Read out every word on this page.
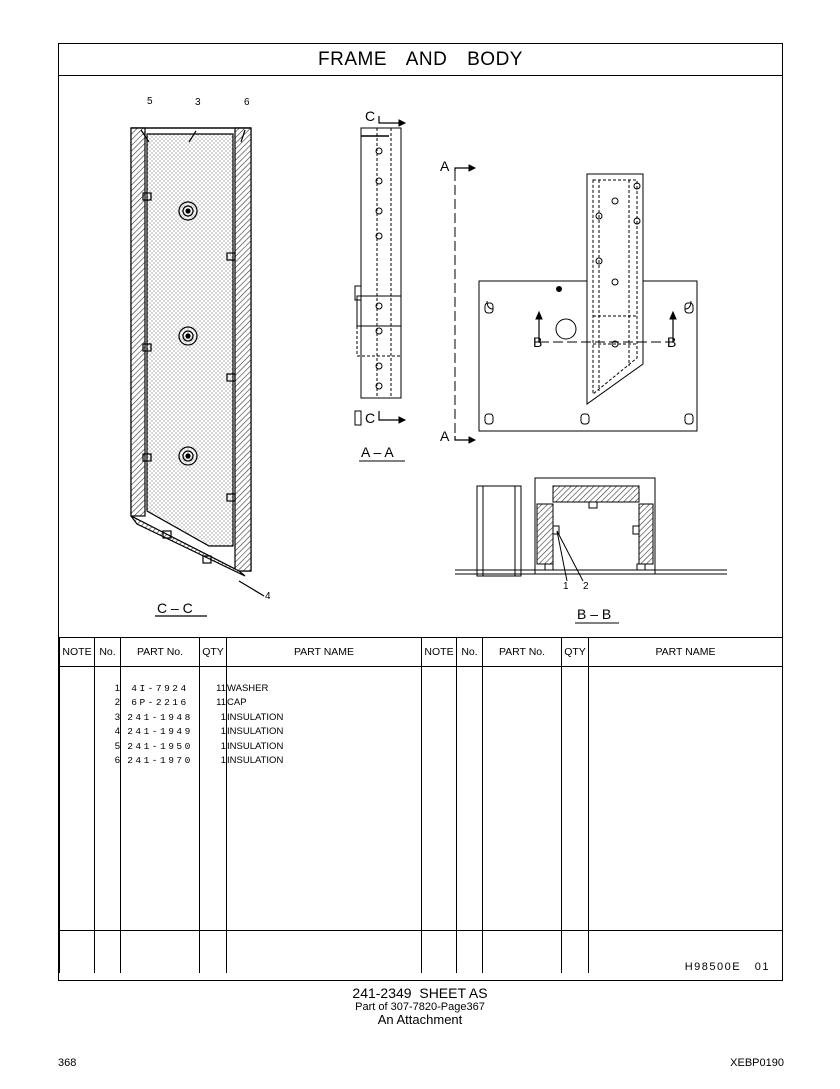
FRAME AND BODY
5	3	6
4
1 2
C – C
A – A
B – B
C
C
A
A
B	B
NOTE	No.	PART No.	QTY	PART NAME	NOTE	No.	PART No.	QTY	PART NAME

	1	4I-7924	11	WASHER					
	2	6P-2216	11	CAP					
	3	241-1948	1	INSULATION					
	4	241-1949	1	INSULATION					
	5	241-1950	1	INSULATION					
	6	241-1970	1	INSULATION					

H98500E   01
241-2349  SHEET AS
Part of 307-7820-Page367
An Attachment
368	XEBP0190
